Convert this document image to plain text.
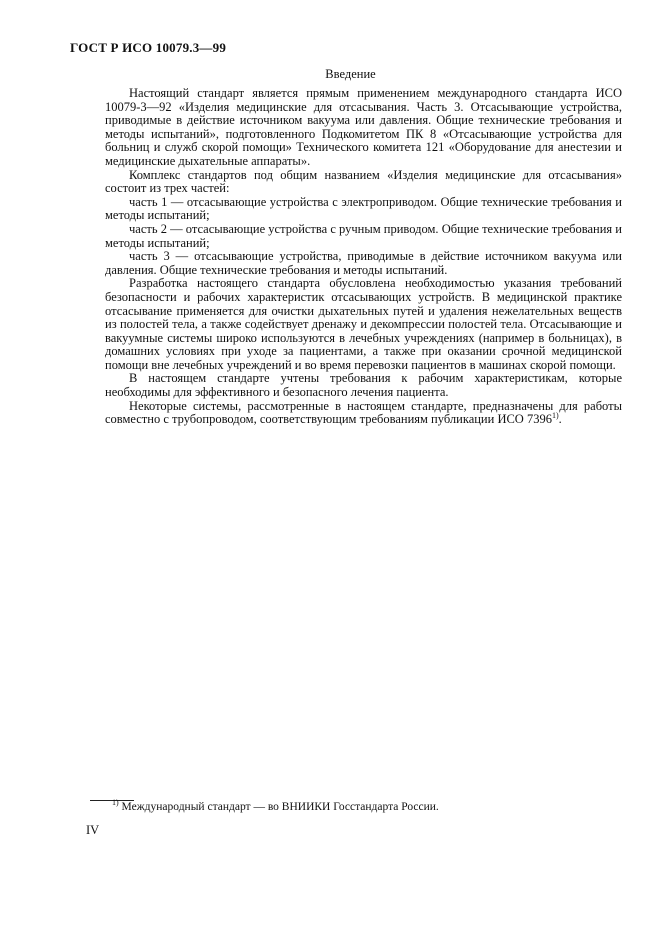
ГОСТ Р ИСО 10079.3—99
Введение

Настоящий стандарт является прямым применением международного стандарта ИСО 10079-3—92 «Изделия медицинские для отсасывания. Часть 3. Отсасывающие устройства, приводимые в действие источником вакуума или давления. Общие технические требования и методы испытаний», подготовленного Подкомитетом ПК 8 «Отсасывающие устройства для больниц и служб скорой помощи» Технического комитета 121 «Оборудование для анестезии и медицинские дыхательные аппараты».

Комплекс стандартов под общим названием «Изделия медицинские для отсасывания» состоит из трех частей:

часть 1 — отсасывающие устройства с электроприводом. Общие технические требования и методы испытаний;

часть 2 — отсасывающие устройства с ручным приводом. Общие технические требования и методы испытаний;

часть 3 — отсасывающие устройства, приводимые в действие источником вакуума или давления. Общие технические требования и методы испытаний.

Разработка настоящего стандарта обусловлена необходимостью указания требований безопасности и рабочих характеристик отсасывающих устройств. В медицинской практике отсасывание применяется для очистки дыхательных путей и удаления нежелательных веществ из полостей тела, а также содействует дренажу и декомпрессии полостей тела. Отсасывающие и вакуумные системы широко используются в лечебных учреждениях (например в больницах), в домашних условиях при уходе за пациентами, а также при оказании срочной медицинской помощи вне лечебных учреждений и во время перевозки пациентов в машинах скорой помощи.

В настоящем стандарте учтены требования к рабочим характеристикам, которые необходимы для эффективного и безопасного лечения пациента.

Некоторые системы, рассмотренные в настоящем стандарте, предназначены для работы совместно с трубопроводом, соответствующим требованиям публикации ИСО 7396$^{1)}$.

$^{1)}$ Международный стандарт — во ВНИИКИ Госстандарта России.
IV
